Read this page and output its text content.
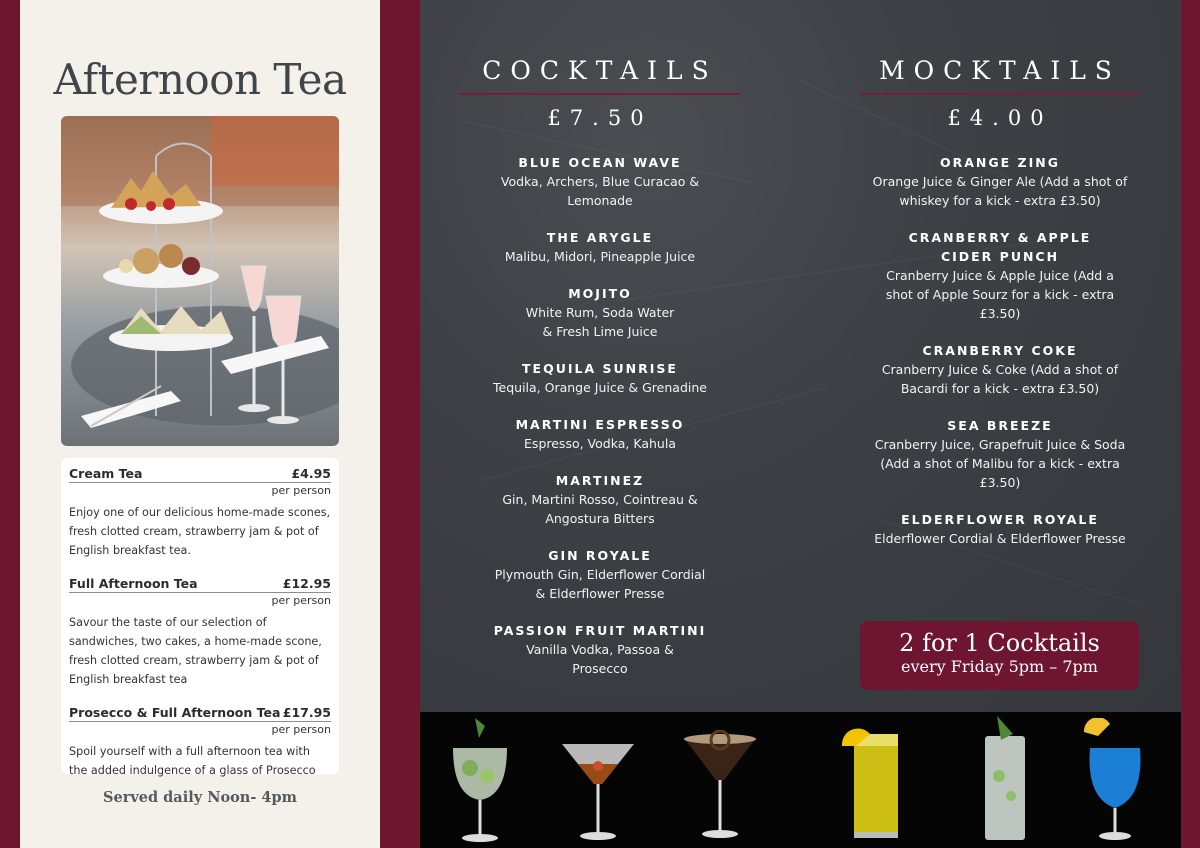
Afternoon Tea
Cream Tea	£4.95
per person
Enjoy one of our delicious home-made scones, fresh clotted cream, strawberry jam & pot of English breakfast tea.
Full Afternoon Tea	£12.95
per person
Savour the taste of our selection of sandwiches, two cakes, a home-made scone, fresh clotted cream, strawberry jam & pot of English breakfast tea
Prosecco & Full Afternoon Tea £17.95
per person
Spoil yourself with a full afternoon tea with the added indulgence of a glass of Prosecco
Served daily Noon- 4pm
COCKTAILS
£7.50
MOCKTAILS
£4.00
BLUE OCEAN WAVE
Vodka, Archers, Blue Curacao & Lemonade
THE ARYGLE
Malibu, Midori, Pineapple Juice
MOJITO
White Rum, Soda Water & Fresh Lime Juice
TEQUILA SUNRISE
Tequila, Orange Juice & Grenadine
MARTINI ESPRESSO
Espresso, Vodka, Kahula
MARTINEZ
Gin, Martini Rosso, Cointreau & Angostura Bitters
GIN ROYALE
Plymouth Gin, Elderflower Cordial & Elderflower Presse
PASSION FRUIT MARTINI
Vanilla Vodka, Passoa & Prosecco
ORANGE ZING
Orange Juice & Ginger Ale (Add a shot of whiskey for a kick - extra £3.50)
CRANBERRY & APPLE CIDER PUNCH
Cranberry Juice & Apple Juice (Add a shot of Apple Sourz for a kick - extra £3.50)
CRANBERRY COKE
Cranberry Juice & Coke (Add a shot of Bacardi for a kick - extra £3.50)
SEA BREEZE
Cranberry Juice, Grapefruit Juice & Soda (Add a shot of Malibu for a kick - extra £3.50)
ELDERFLOWER ROYALE
Elderflower Cordial & Elderflower Presse
2 for 1 Cocktails
every Friday 5pm – 7pm
